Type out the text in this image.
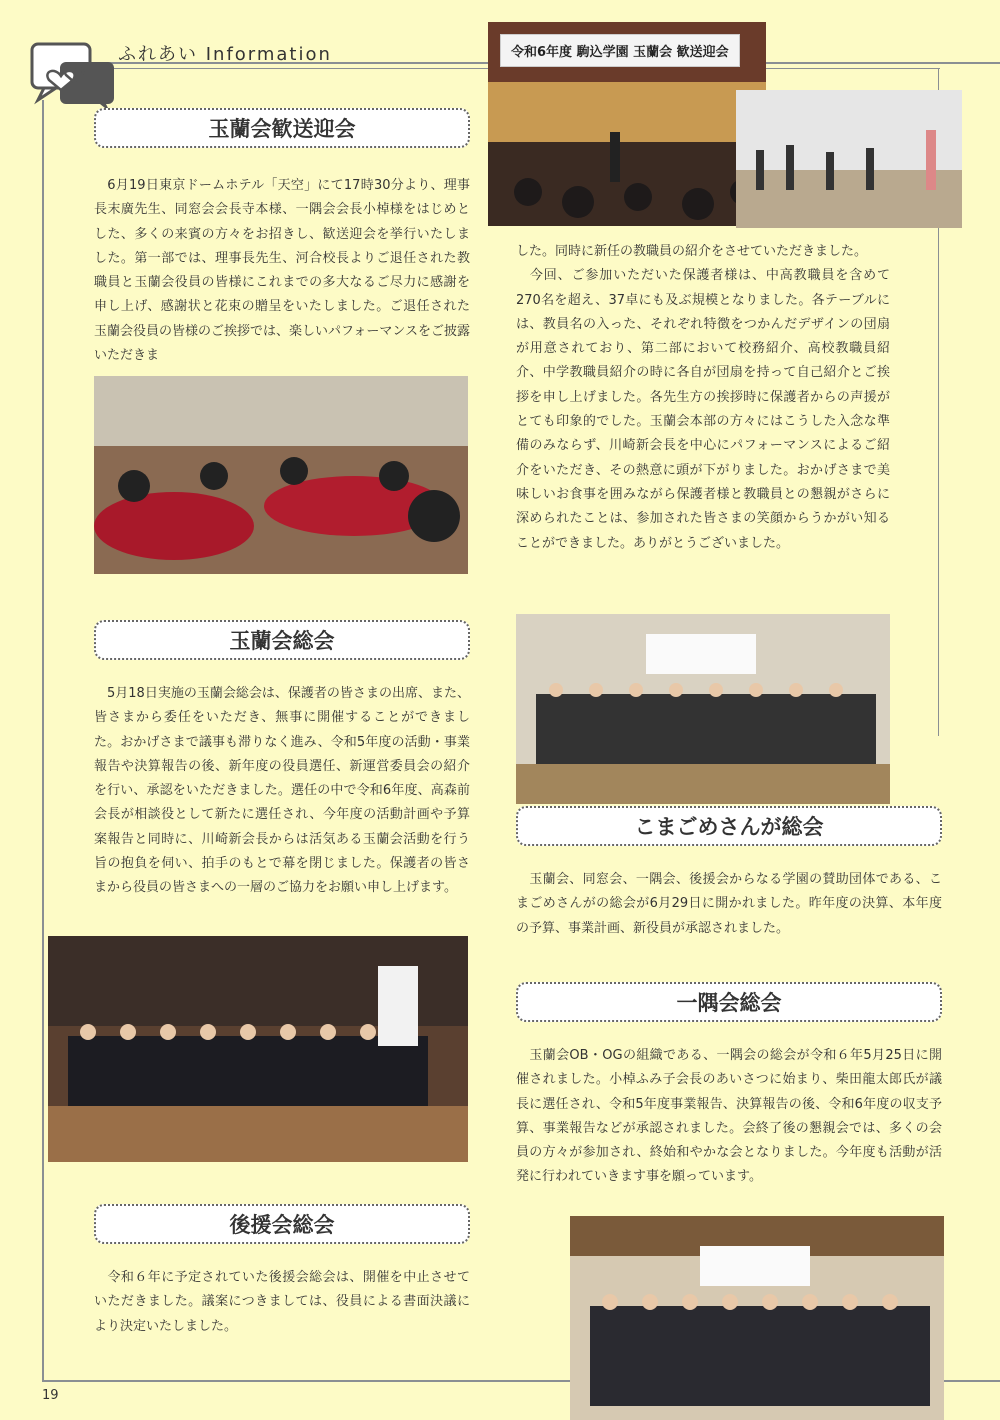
ふれあい Information
玉蘭会歓送迎会
　6月19日東京ドームホテル「天空」にて17時30分より、理事長末廣先生、同窓会会長寺本様、一隅会会長小棹様をはじめとした、多くの来賓の方々をお招きし、歓送迎会を挙行いたしました。第一部では、理事長先生、河合校長よりご退任された教職員と玉蘭会役員の皆様にこれまでの多大なるご尽力に感謝を申し上げ、感謝状と花束の贈呈をいたしました。ご退任された玉蘭会役員の皆様のご挨拶では、楽しいパフォーマンスをご披露いただきま
令和6年度 駒込学園 玉蘭会 歓送迎会
した。同時に新任の教職員の紹介をさせていただきました。
　今回、ご参加いただいた保護者様は、中高教職員を含めて270名を超え、37卓にも及ぶ規模となりました。各テーブルには、教員名の入った、それぞれ特徴をつかんだデザインの団扇が用意されており、第二部において校務紹介、高校教職員紹介、中学教職員紹介の時に各自が団扇を持って自己紹介とご挨拶を申し上げました。各先生方の挨拶時に保護者からの声援がとても印象的でした。玉蘭会本部の方々にはこうした入念な準備のみならず、川崎新会長を中心にパフォーマンスによるご紹介をいただき、その熱意に頭が下がりました。おかげさまで美味しいお食事を囲みながら保護者様と教職員との懇親がさらに深められたことは、参加された皆さまの笑顔からうかがい知ることができました。ありがとうございました。
玉蘭会総会
　5月18日実施の玉蘭会総会は、保護者の皆さまの出席、また、皆さまから委任をいただき、無事に開催することができました。おかげさまで議事も滞りなく進み、令和5年度の活動・事業報告や決算報告の後、新年度の役員選任、新運営委員会の紹介を行い、承認をいただきました。選任の中で令和6年度、高森前会長が相談役として新たに選任され、今年度の活動計画や予算案報告と同時に、川崎新会長からは活気ある玉蘭会活動を行う旨の抱負を伺い、拍手のもとで幕を閉じました。保護者の皆さまから役員の皆さまへの一層のご協力をお願い申し上げます。
後援会総会
　令和６年に予定されていた後援会総会は、開催を中止させていただきました。議案につきましては、役員による書面決議により決定いたしました。
こまごめさんが総会
　玉蘭会、同窓会、一隅会、後援会からなる学園の賛助団体である、こまごめさんがの総会が6月29日に開かれました。昨年度の決算、本年度の予算、事業計画、新役員が承認されました。
一隅会総会
　玉蘭会OB・OGの組織である、一隅会の総会が令和６年5月25日に開催されました。小棹ふみ子会長のあいさつに始まり、柴田龍太郎氏が議長に選任され、令和5年度事業報告、決算報告の後、令和6年度の収支予算、事業報告などが承認されました。会終了後の懇親会では、多くの会員の方々が参加され、終始和やかな会となりました。今年度も活動が活発に行われていきます事を願っています。
19
